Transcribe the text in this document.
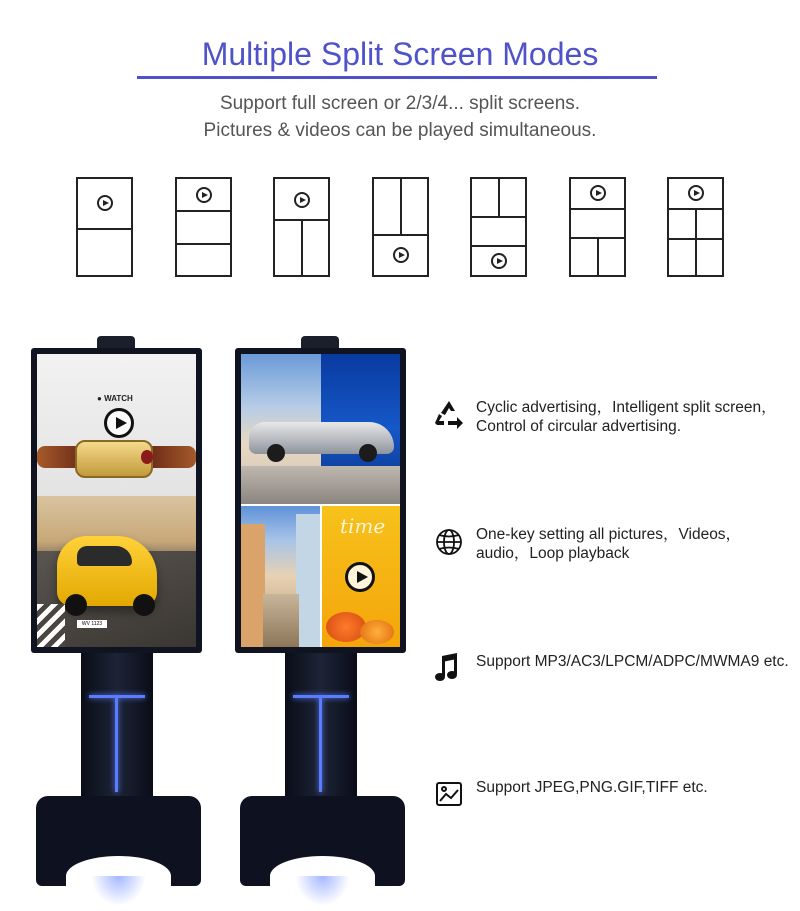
Multiple Split Screen Modes
Support full screen or 2/3/4... split screens.
Pictures & videos can be played simultaneous.
● WATCH
WV 1123
time
Cyclic advertising，Intelligent split screen，Control of circular advertising.
One-key setting all pictures，Videos，audio，Loop playback
Support MP3/AC3/LPCM/ADPC/MWMA9 etc.
Support JPEG,PNG.GIF,TIFF etc.
